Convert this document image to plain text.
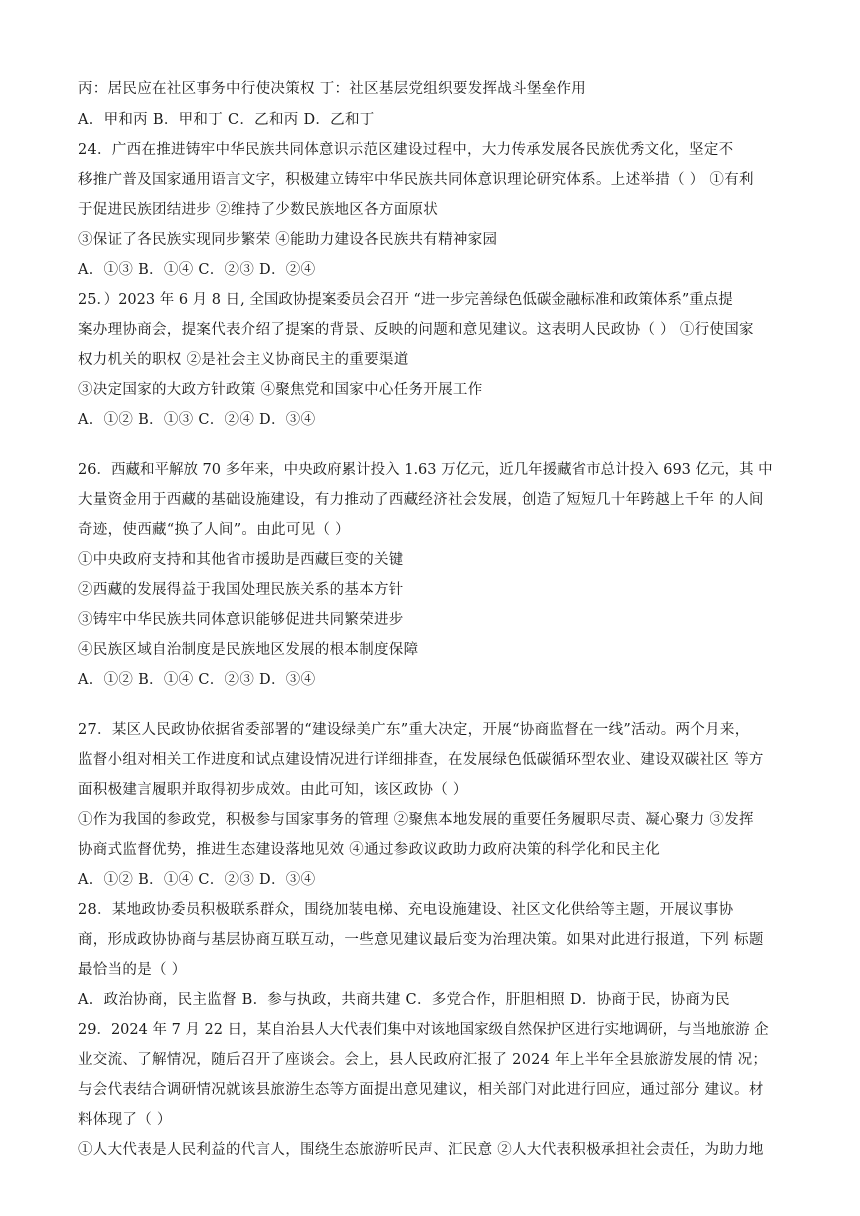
丙：居民应在社区事务中行使决策权 丁：社区基层党组织要发挥战斗堡垒作用
A．甲和丙 B．甲和丁 C．乙和丙 D．乙和丁
24．广西在推进铸牢中华民族共同体意识示范区建设过程中，大力传承发展各民族优秀文化，坚定不
移推广普及国家通用语言文字，积极建立铸牢中华民族共同体意识理论研究体系。上述举措（ ） ①有利
于促进民族团结进步 ②维持了少数民族地区各方面原状
③保证了各民族实现同步繁荣 ④能助力建设各民族共有精神家园
A．①③ B．①④ C．②③ D．②④
25．）2023 年 6 月 8 日, 全国政协提案委员会召开 “进一步完善绿色低碳金融标准和政策体系”重点提
案办理协商会，提案代表介绍了提案的背景、反映的问题和意见建议。这表明人民政协（ ） ①行使国家
权力机关的职权 ②是社会主义协商民主的重要渠道
③决定国家的大政方针政策 ④聚焦党和国家中心任务开展工作
A．①② B．①③ C．②④ D．③④
26．西藏和平解放 70 多年来，中央政府累计投入 1.63 万亿元，近几年援藏省市总计投入 693 亿元，其 中
大量资金用于西藏的基础设施建设，有力推动了西藏经济社会发展，创造了短短几十年跨越上千年 的人间
奇迹，使西藏“换了人间”。由此可见（ ）
①中央政府支持和其他省市援助是西藏巨变的关键
②西藏的发展得益于我国处理民族关系的基本方针
③铸牢中华民族共同体意识能够促进共同繁荣进步
④民族区域自治制度是民族地区发展的根本制度保障
A．①② B．①④ C．②③ D．③④
27．某区人民政协依据省委部署的“建设绿美广东”重大决定，开展“协商监督在一线”活动。两个月来，
监督小组对相关工作进度和试点建设情况进行详细排查，在发展绿色低碳循环型农业、建设双碳社区 等方
面积极建言履职并取得初步成效。由此可知，该区政协（ ）
①作为我国的参政党，积极参与国家事务的管理 ②聚焦本地发展的重要任务履职尽责、凝心聚力 ③发挥
协商式监督优势，推进生态建设落地见效 ④通过参政议政助力政府决策的科学化和民主化
A．①② B．①④ C．②③ D．③④
28．某地政协委员积极联系群众，围绕加装电梯、充电设施建设、社区文化供给等主题，开展议事协
商，形成政协协商与基层协商互联互动，一些意见建议最后变为治理决策。如果对此进行报道，下列 标题
最恰当的是（ ）
A．政治协商，民主监督 B．参与执政，共商共建 C．多党合作，肝胆相照 D．协商于民，协商为民
29．2024 年 7 月 22 日，某自治县人大代表们集中对该地国家级自然保护区进行实地调研，与当地旅游 企
业交流、了解情况，随后召开了座谈会。会上，县人民政府汇报了 2024 年上半年全县旅游发展的情 况；
与会代表结合调研情况就该县旅游生态等方面提出意见建议，相关部门对此进行回应，通过部分 建议。材
料体现了（ ）
①人大代表是人民利益的代言人，围绕生态旅游听民声、汇民意 ②人大代表积极承担社会责任，为助力地
